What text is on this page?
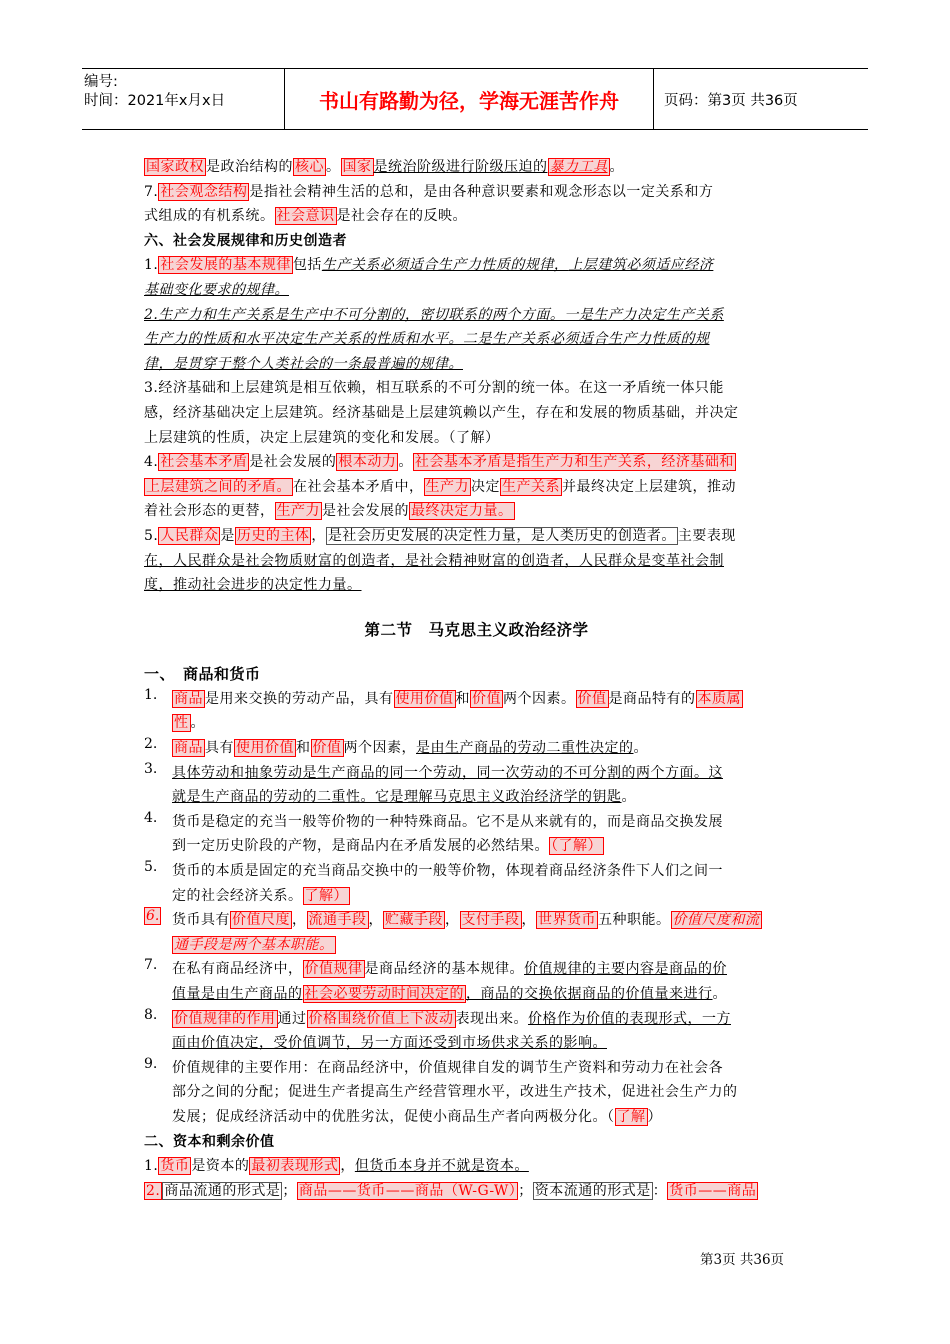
编号:
时间：2021年x月x日	书山有路勤为径，学海无涯苦作舟	页码：第3页 共36页
国家政权 是政治结构的 核心 。 国家 是统治阶级进行阶级压迫的 暴力工具 。
7. 社会观念结构 是指社会精神生活的总和，是由各种意识要素和观念形态以一定关系和方
式组成的有机系统。 社会意识 是社会存在的反映。
六、社会发展规律和历史创造者
1. 社会发展的基本规律 包括生产关系必须适合生产力性质的规律，上层建筑必须适应经济
基础变化要求的规律。
2.生产力和生产关系是生产中不可分割的，密切联系的两个方面。一是生产力决定生产关系
生产力的性质和水平决定生产关系的性质和水平。二是生产关系必须适合生产力性质的规
律，是贯穿于整个人类社会的一条最普遍的规律。
3.经济基础和上层建筑是相互依赖，相互联系的不可分割的统一体。在这一矛盾统一体只能
感，经济基础决定上层建筑。经济基础是上层建筑赖以产生，存在和发展的物质基础，并决定
上层建筑的性质，决定上层建筑的变化和发展。（了解）
4. 社会基本矛盾 是社会发展的 根本动力 。 社会基本矛盾是指生产力和生产关系，经济基础和
上层建筑之间的矛盾。 在社会基本矛盾中， 生产力 决定 生产关系 并最终决定上层建筑，推动
着社会形态的更替， 生产力 是社会发展的 最终决定力量。
5. 人民群众 是 历史的主体 ， 是社会历史发展的决定性力量，是人类历史的创造者。 主要表现
在，人民群众是社会物质财富的创造者，是社会精神财富的创造者，人民群众是变革社会制
度，推动社会进步的决定性力量。
第二节　马克思主义政治经济学
一、　商品和货币
1.	商品 是用来交换的劳动产品，具有 使用价值 和 价值 两个因素。 价值 是商品特有的 本质属
性 。
2.	商品 具有 使用价值 和 价值 两个因素，是由生产商品的劳动二重性决定的。
3.	具体劳动和抽象劳动是生产商品的同一个劳动，同一次劳动的不可分割的两个方面。这
就是生产商品的劳动的二重性。它是理解马克思主义政治经济学的钥匙。
4.	货币是稳定的充当一般等价物的一种特殊商品。它不是从来就有的，而是商品交换发展
到一定历史阶段的产物，是商品内在矛盾发展的必然结果。 （了解）
5.	货币的本质是固定的充当商品交换中的一般等价物，体现着商品经济条件下人们之间一
定的社会经济关系。 了解）
6. 货币具有 价值尺度 ， 流通手段 ， 贮藏手段 ， 支付手段 ， 世界货币 五种职能。 价值尺度和流
通手段是两个基本职能。
7.	在私有商品经济中， 价值规律 是商品经济的基本规律。价值规律的主要内容是商品的价
值量是由生产商品的 社会必要劳动时间决定的 ，商品的交换依据商品的价值量来进行。
8.	价值规律的作用 通过 价格围绕价值上下波动 表现出来。价格作为价值的表现形式，一方
面由价值决定，受价值调节，另一方面还受到市场供求关系的影响。
9.	价值规律的主要作用：在商品经济中，价值规律自发的调节生产资料和劳动力在社会各
部分之间的分配；促进生产者提高生产经营管理水平，改进生产技术，促进社会生产力的
发展；促成经济活动中的优胜劣汰，促使小商品生产者向两极分化。（ 了解 ）
二、资本和剩余价值
1. 货币 是资本的 最初表现形式 ，但货币本身并不就是资本。
2. 商品流通的形式是 ； 商品——货币——商品（W-G-W） ； 资本流通的形式是 ： 货币——商品
第3页 共36页
